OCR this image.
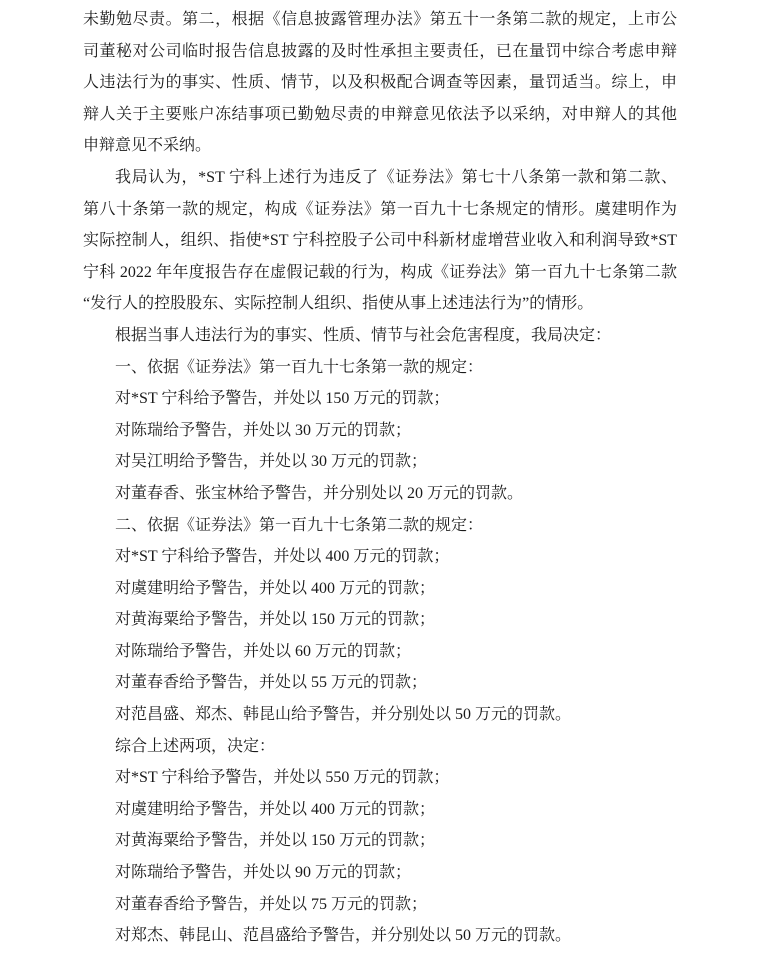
未勤勉尽责。第二，根据《信息披露管理办法》第五十一条第二款的规定，上市公
司董秘对公司临时报告信息披露的及时性承担主要责任，已在量罚中综合考虑申辩
人违法行为的事实、性质、情节，以及积极配合调查等因素，量罚适当。综上，申
辩人关于主要账户冻结事项已勤勉尽责的申辩意见依法予以采纳，对申辩人的其他
申辩意见不采纳。
我局认为，*ST 宁科上述行为违反了《证券法》第七十八条第一款和第二款、
第八十条第一款的规定，构成《证券法》第一百九十七条规定的情形。虞建明作为
实际控制人，组织、指使*ST 宁科控股子公司中科新材虚增营业收入和利润导致*ST
宁科 2022 年年度报告存在虚假记载的行为，构成《证券法》第一百九十七条第二款
“发行人的控股股东、实际控制人组织、指使从事上述违法行为”的情形。
根据当事人违法行为的事实、性质、情节与社会危害程度，我局决定：
一、依据《证券法》第一百九十七条第一款的规定：
对*ST 宁科给予警告，并处以 150 万元的罚款；
对陈瑞给予警告，并处以 30 万元的罚款；
对吴江明给予警告，并处以 30 万元的罚款；
对董春香、张宝林给予警告，并分别处以 20 万元的罚款。
二、依据《证券法》第一百九十七条第二款的规定：
对*ST 宁科给予警告，并处以 400 万元的罚款；
对虞建明给予警告，并处以 400 万元的罚款；
对黄海粟给予警告，并处以 150 万元的罚款；
对陈瑞给予警告，并处以 60 万元的罚款；
对董春香给予警告，并处以 55 万元的罚款；
对范昌盛、郑杰、韩昆山给予警告，并分别处以 50 万元的罚款。
综合上述两项，决定：
对*ST 宁科给予警告，并处以 550 万元的罚款；
对虞建明给予警告，并处以 400 万元的罚款；
对黄海粟给予警告，并处以 150 万元的罚款；
对陈瑞给予警告，并处以 90 万元的罚款；
对董春香给予警告，并处以 75 万元的罚款；
对郑杰、韩昆山、范昌盛给予警告，并分别处以 50 万元的罚款。
